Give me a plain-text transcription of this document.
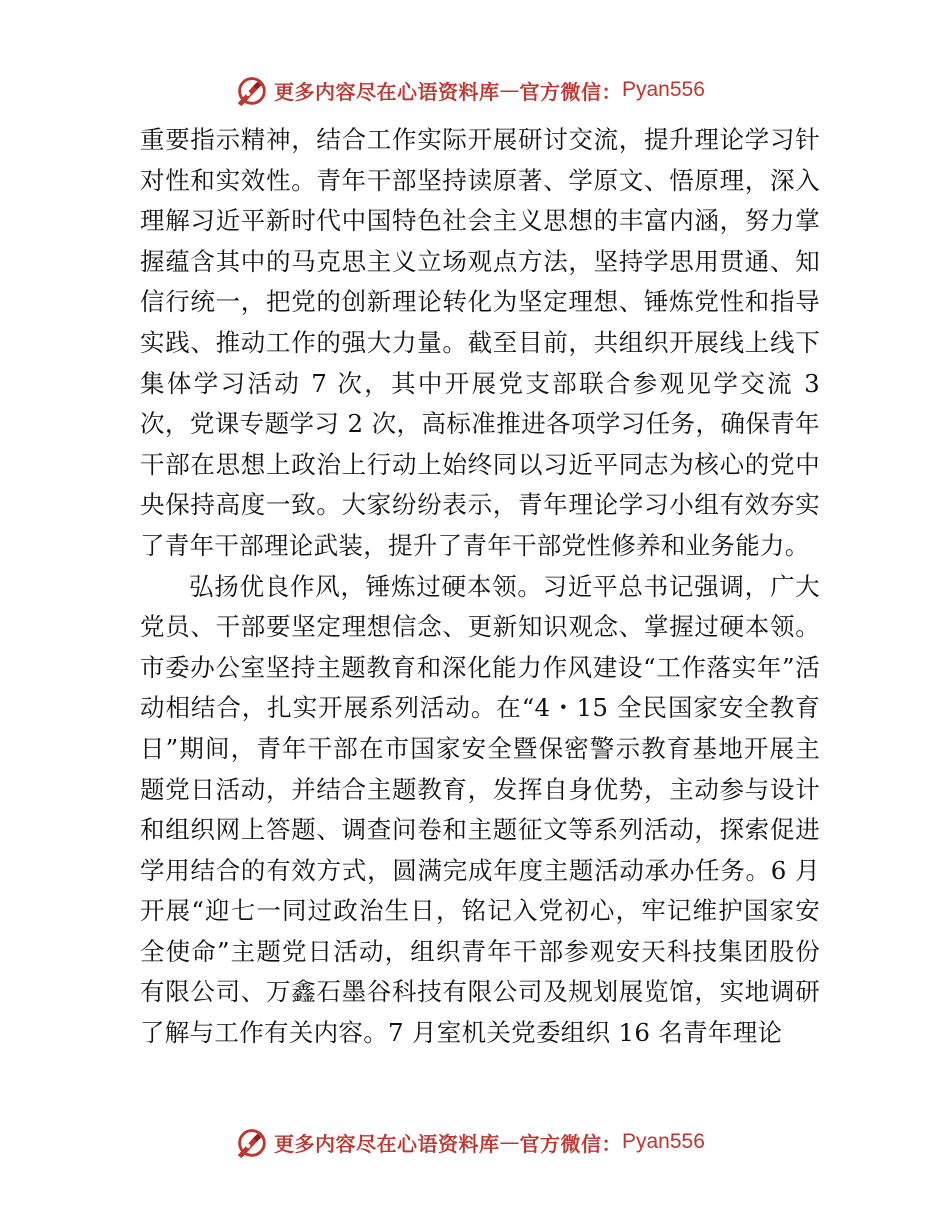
更多内容尽在心语资料库 — 官方微信： Pyan556

重要指示精神，结合工作实际开展研讨交流，提升理论学习针对性和实效性。青年干部坚持读原著、学原文、悟原理，深入理解习近平新时代中国特色社会主义思想的丰富内涵，努力掌握蕴含其中的马克思主义立场观点方法，坚持学思用贯通、知信行统一，把党的创新理论转化为坚定理想、锤炼党性和指导实践、推动工作的强大力量。截至目前，共组织开展线上线下集体学习活动 7 次，其中开展党支部联合参观见学交流 3 次，党课专题学习 2 次，高标准推进各项学习任务，确保青年干部在思想上政治上行动上始终同以习近平同志为核心的党中央保持高度一致。大家纷纷表示，青年理论学习小组有效夯实了青年干部理论武装，提升了青年干部党性修养和业务能力。

弘扬优良作风，锤炼过硬本领。习近平总书记强调，广大党员、干部要坚定理想信念、更新知识观念、掌握过硬本领。市委办公室坚持主题教育和深化能力作风建设“工作落实年”活动相结合，扎实开展系列活动。在“4・15 全民国家安全教育日”期间，青年干部在市国家安全暨保密警示教育基地开展主题党日活动，并结合主题教育，发挥自身优势，主动参与设计和组织网上答题、调查问卷和主题征文等系列活动，探索促进学用结合的有效方式，圆满完成年度主题活动承办任务。6 月开展“迎七一同过政治生日，铭记入党初心，牢记维护国家安全使命”主题党日活动，组织青年干部参观安天科技集团股份有限公司、万鑫石墨谷科技有限公司及规划展览馆，实地调研了解与工作有关内容。7 月室机关党委组织 16 名青年理论

更多内容尽在心语资料库 — 官方微信： Pyan556
